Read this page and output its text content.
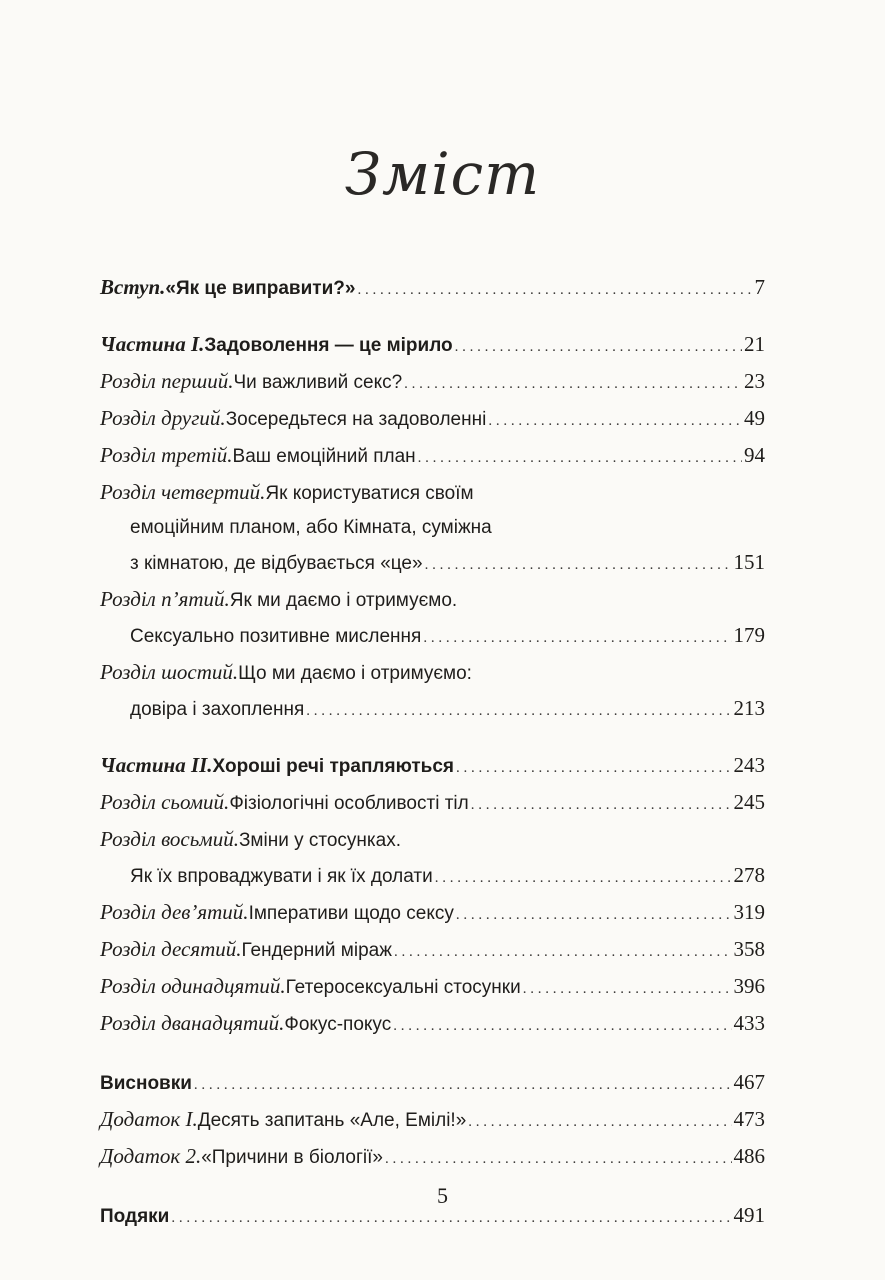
Зміст
Вступ. «Як це виправити?» . . .	7
Частина І. Задоволення — це мірило . . .	21
Розділ перший. Чи важливий секс? . . .	23
Розділ другий. Зосередьтеся на задоволенні . . .	49
Розділ третій. Ваш емоційний план . . .	94
Розділ четвертий. Як користуватися своїм
емоційним планом, або Кімната, суміжна
з кімнатою, де відбувається «це» . . .	151
Розділ п’ятий. Як ми даємо і отримуємо.
Сексуально позитивне мислення . . .	179
Розділ шостий. Що ми даємо і отримуємо:
довіра і захоплення . . .	213
Частина ІІ. Хороші речі трапляються . . .	243
Розділ сьомий. Фізіологічні особливості тіл . . .	245
Розділ восьмий. Зміни у стосунках.
Як їх впроваджувати і як їх долати . . .	278
Розділ дев’ятий. Імперативи щодо сексу . . .	319
Розділ десятий. Гендерний міраж . . .	358
Розділ одинадцятий. Гетеросексуальні стосунки . . .	396
Розділ дванадцятий. Фокус-покус . . .	433
Висновки . . .	467
Додаток І. Десять запитань «Але, Емілі!» . . .	473
Додаток 2. «Причини в біології» . . .	486
Подяки . . .	491
5
